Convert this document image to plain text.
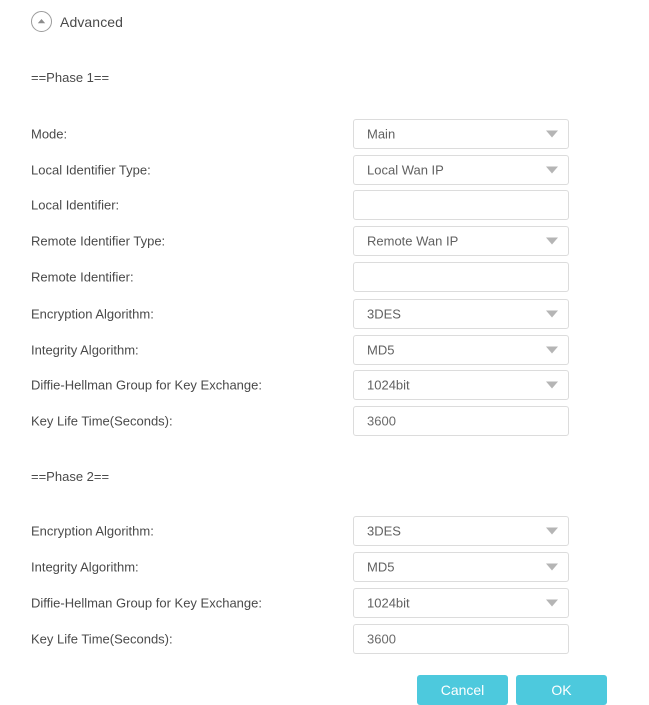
Advanced
==Phase 1==
==Phase 2==
Mode:	Main
Local Identifier Type:	Local Wan IP
Local Identifier:
Remote Identifier Type:	Remote Wan IP
Remote Identifier:
Encryption Algorithm:	3DES
Integrity Algorithm:	MD5
Diffie-Hellman Group for Key Exchange:	1024bit
Key Life Time(Seconds):	3600
Encryption Algorithm:	3DES
Integrity Algorithm:	MD5
Diffie-Hellman Group for Key Exchange:	1024bit
Key Life Time(Seconds):	3600
Cancel	OK
